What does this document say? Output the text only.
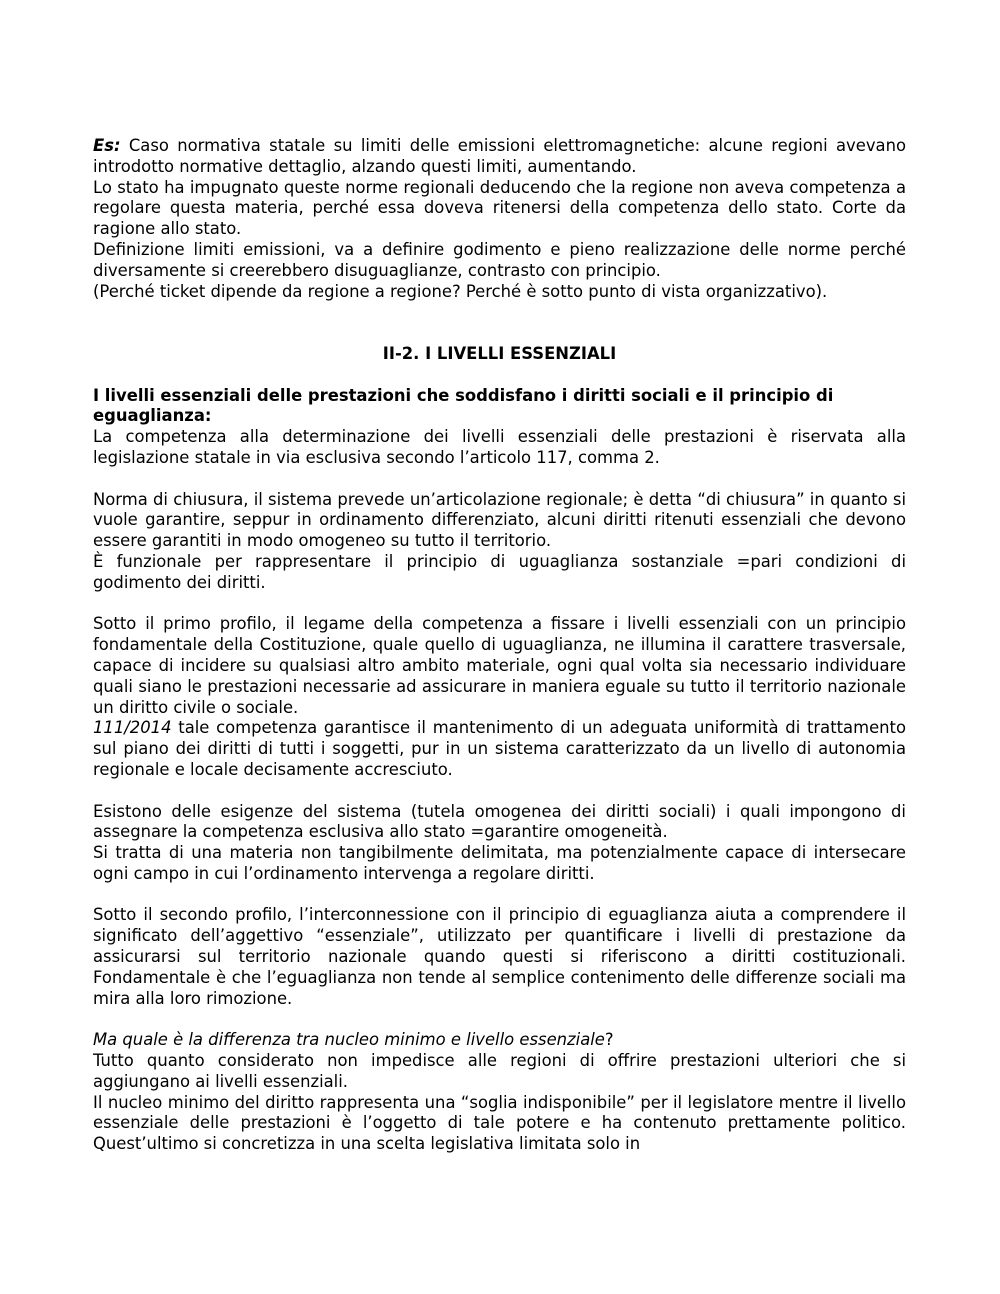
Es: Caso normativa statale su limiti delle emissioni elettromagnetiche: alcune regioni avevano introdotto normative dettaglio, alzando questi limiti, aumentando.

Lo stato ha impugnato queste norme regionali deducendo che la regione non aveva competenza a regolare questa materia, perché essa doveva ritenersi della competenza dello stato. Corte da ragione allo stato.

Definizione limiti emissioni, va a definire godimento e pieno realizzazione delle norme perché diversamente si creerebbero disuguaglianze, contrasto con principio.

(Perché ticket dipende da regione a regione? Perché è sotto punto di vista organizzativo).

II-2. I LIVELLI ESSENZIALI

I livelli essenziali delle prestazioni che soddisfano i diritti sociali e il principio di eguaglianza:

La competenza alla determinazione dei livelli essenziali delle prestazioni è riservata alla legislazione statale in via esclusiva secondo l’articolo 117, comma 2.

Norma di chiusura, il sistema prevede un’articolazione regionale; è detta “di chiusura” in quanto si vuole garantire, seppur in ordinamento differenziato, alcuni diritti ritenuti essenziali che devono essere garantiti in modo omogeneo su tutto il territorio.

È funzionale per rappresentare il principio di uguaglianza sostanziale =pari condizioni di godimento dei diritti.

Sotto il primo profilo, il legame della competenza a fissare i livelli essenziali con un principio fondamentale della Costituzione, quale quello di uguaglianza, ne illumina il carattere trasversale, capace di incidere su qualsiasi altro ambito materiale, ogni qual volta sia necessario individuare quali siano le prestazioni necessarie ad assicurare in maniera eguale su tutto il territorio nazionale un diritto civile o sociale.

111/2014 tale competenza garantisce il mantenimento di un adeguata uniformità di trattamento sul piano dei diritti di tutti i soggetti, pur in un sistema caratterizzato da un livello di autonomia regionale e locale decisamente accresciuto.

Esistono delle esigenze del sistema (tutela omogenea dei diritti sociali) i quali impongono di assegnare la competenza esclusiva allo stato =garantire omogeneità.

Si tratta di una materia non tangibilmente delimitata, ma potenzialmente capace di intersecare ogni campo in cui l’ordinamento intervenga a regolare diritti.

Sotto il secondo profilo, l’interconnessione con il principio di eguaglianza aiuta a comprendere il significato dell’aggettivo “essenziale”, utilizzato per quantificare i livelli di prestazione da assicurarsi sul territorio nazionale quando questi si riferiscono a diritti costituzionali. Fondamentale è che l’eguaglianza non tende al semplice contenimento delle differenze sociali ma mira alla loro rimozione.

Ma quale è la differenza tra nucleo minimo e livello essenziale?

Tutto quanto considerato non impedisce alle regioni di offrire prestazioni ulteriori che si aggiungano ai livelli essenziali.

Il nucleo minimo del diritto rappresenta una “soglia indisponibile” per il legislatore mentre il livello essenziale delle prestazioni è l’oggetto di tale potere e ha contenuto prettamente politico. Quest’ultimo si concretizza in una scelta legislativa limitata solo in
